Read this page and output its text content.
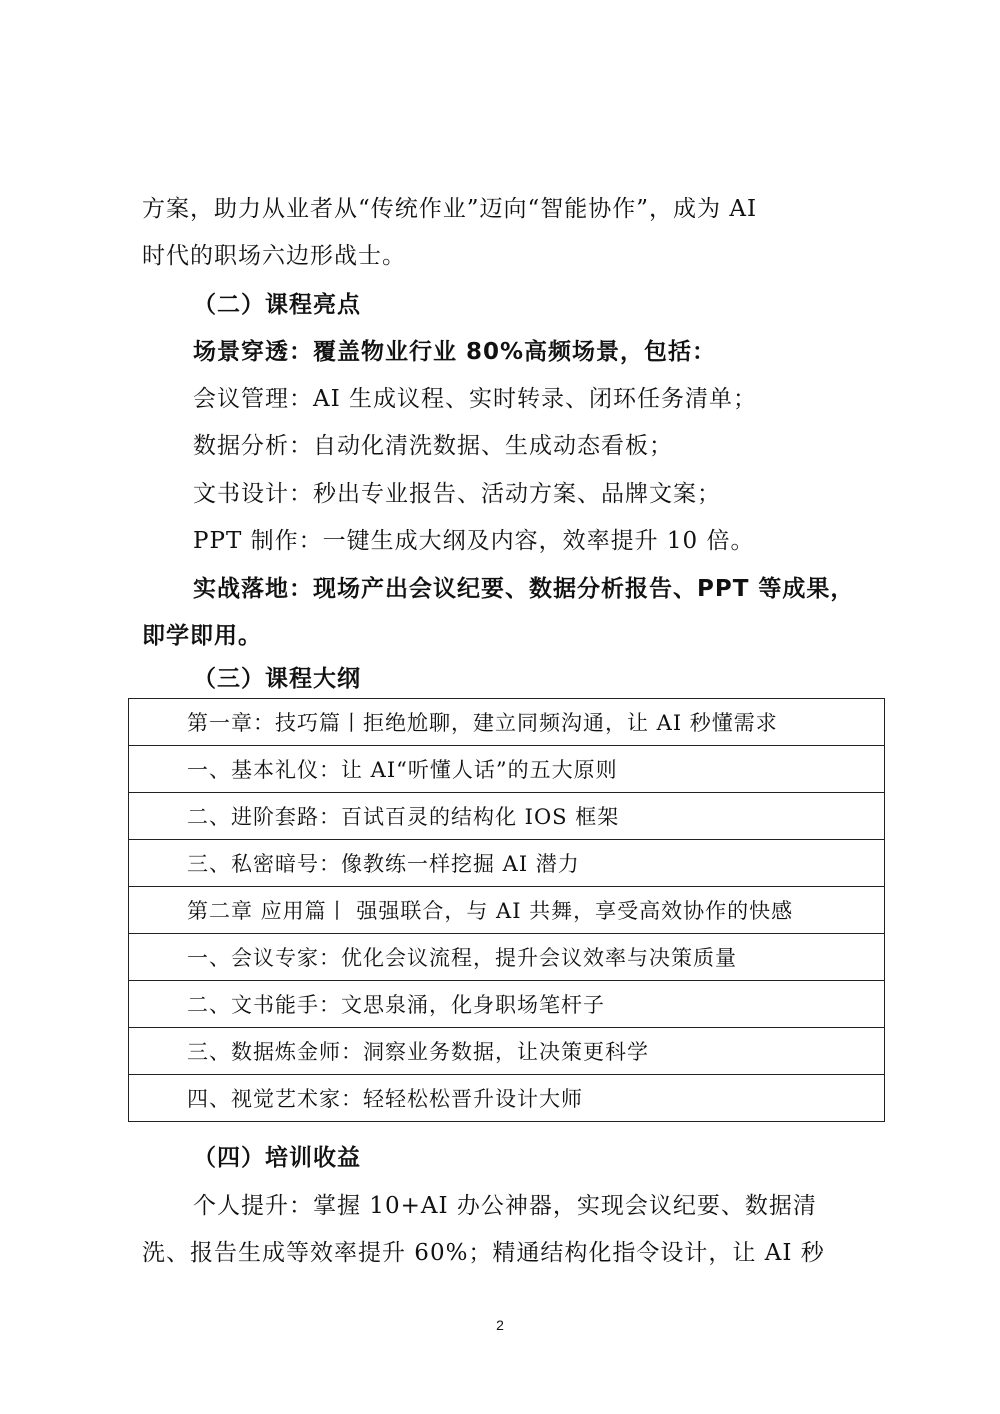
方案，助力从业者从“传统作业”迈向“智能协作”，成为 AI
时代的职场六边形战士。
（二）课程亮点
场景穿透：覆盖物业行业 80%高频场景，包括：
会议管理：AI 生成议程、实时转录、闭环任务清单；
数据分析：自动化清洗数据、生成动态看板；
文书设计：秒出专业报告、活动方案、品牌文案；
PPT 制作：一键生成大纲及内容，效率提升 10 倍。
实战落地：现场产出会议纪要、数据分析报告、PPT 等成果，
即学即用。
（三）课程大纲
第一章：技巧篇丨拒绝尬聊，建立同频沟通，让 AI 秒懂需求
一、基本礼仪：让 AI“听懂人话”的五大原则
二、进阶套路：百试百灵的结构化 IOS 框架
三、私密暗号：像教练一样挖掘 AI 潜力
第二章 应用篇丨 强强联合，与 AI 共舞，享受高效协作的快感
一、会议专家：优化会议流程，提升会议效率与决策质量
二、文书能手：文思泉涌，化身职场笔杆子
三、数据炼金师：洞察业务数据，让决策更科学
四、视觉艺术家：轻轻松松晋升设计大师
（四）培训收益
个人提升：掌握 10+AI 办公神器，实现会议纪要、数据清
洗、报告生成等效率提升 60%；精通结构化指令设计，让 AI 秒
2
